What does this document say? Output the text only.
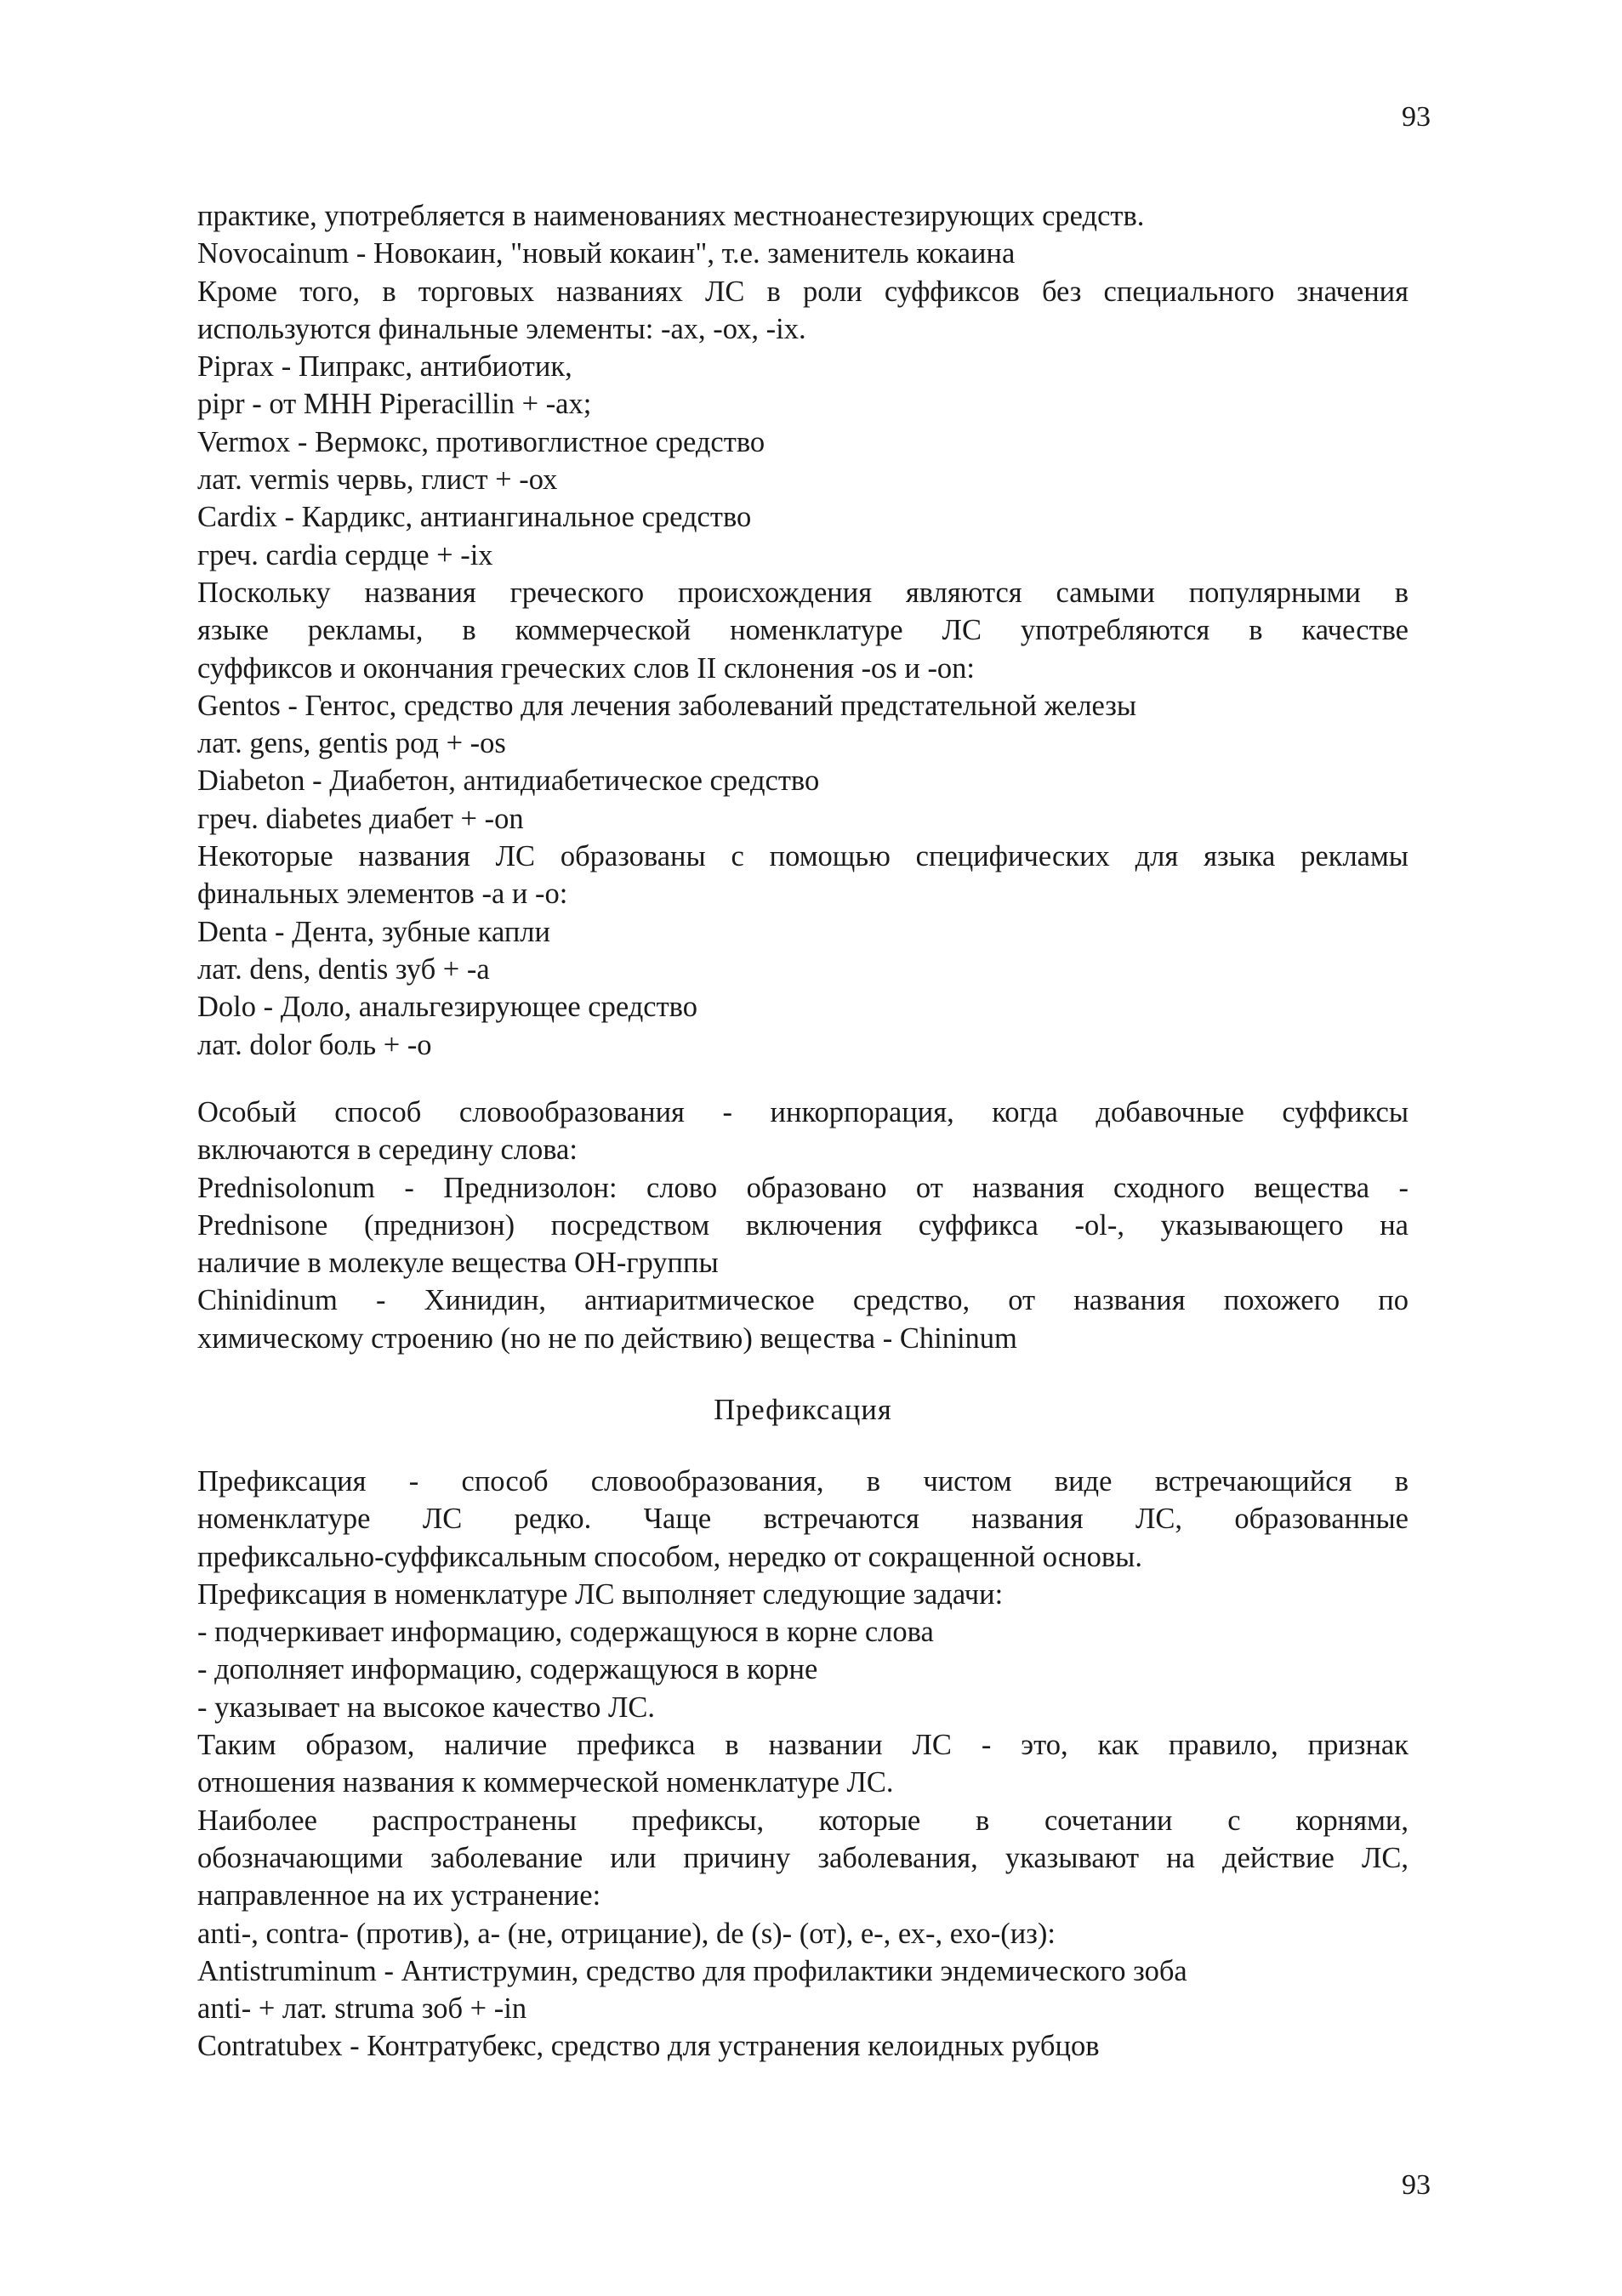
93
практике, употребляется в наименованиях местноанестезирующих средств.
Novocainum - Новокаин, "новый кокаин", т.е. заменитель кокаина
Кроме того, в торговых названиях ЛС в роли суффиксов без специального значения
используются финальные элементы: -ах, -ох, -ix.
Piprax - Пипракс, антибиотик,
pipr - от МНН Piperacillin + -ах;
Vermox - Вермокс, противоглистное средство
лат. vermis червь, глист + -ох
Cardix - Кардикс, антиангинальное средство
греч. cardia сердце + -ix
Поскольку названия греческого происхождения являются самыми популярными в
языке рекламы, в коммерческой номенклатуре ЛС употребляются в качестве
суффиксов и окончания греческих слов II склонения -os и -on:
Gentos - Гентос, средство для лечения заболеваний предстательной железы
лат. gens, gentis род + -os
Diabeton - Диабетон, антидиабетическое средство
греч. diabetes диабет + -on
Некоторые названия ЛС образованы с помощью специфических для языка рекламы
финальных элементов -а и -о:
Denta - Дента, зубные капли
лат. dens, dentis зуб + -а
Dolo - Доло, анальгезирующее средство
лат. dolor боль + -о
Особый способ словообразования - инкорпорация, когда добавочные суффиксы
включаются в середину слова:
Prednisolonum - Преднизолон: слово образовано от названия сходного вещества -
Prednisone (преднизон) посредством включения суффикса -ol-, указывающего на
наличие в молекуле вещества ОН-группы
Chinidinum - Хинидин, антиаритмическое средство, от названия похожего по
химическому строению (но не по действию) вещества - Chininum
Префиксация
Префиксация - способ словообразования, в чистом виде встречающийся в
номенклатуре ЛС редко. Чаще встречаются названия ЛС, образованные
префиксально-суффиксальным способом, нередко от сокращенной основы.
Префиксация в номенклатуре ЛС выполняет следующие задачи:
- подчеркивает информацию, содержащуюся в корне слова
- дополняет информацию, содержащуюся в корне
- указывает на высокое качество ЛС.
Таким образом, наличие префикса в названии ЛС - это, как правило, признак
отношения названия к коммерческой номенклатуре ЛС.
Наиболее распространены префиксы, которые в сочетании с корнями,
обозначающими заболевание или причину заболевания, указывают на действие ЛС,
направленное на их устранение:
anti-, contra- (против), а- (не, отрицание), de (s)- (от), е-, ех-, ехо-(из):
Antistruminum - Антиструмин, средство для профилактики эндемического зоба
anti- + лат. struma зоб + -in
Contratubex - Контратубекс, средство для устранения келоидных рубцов
93
